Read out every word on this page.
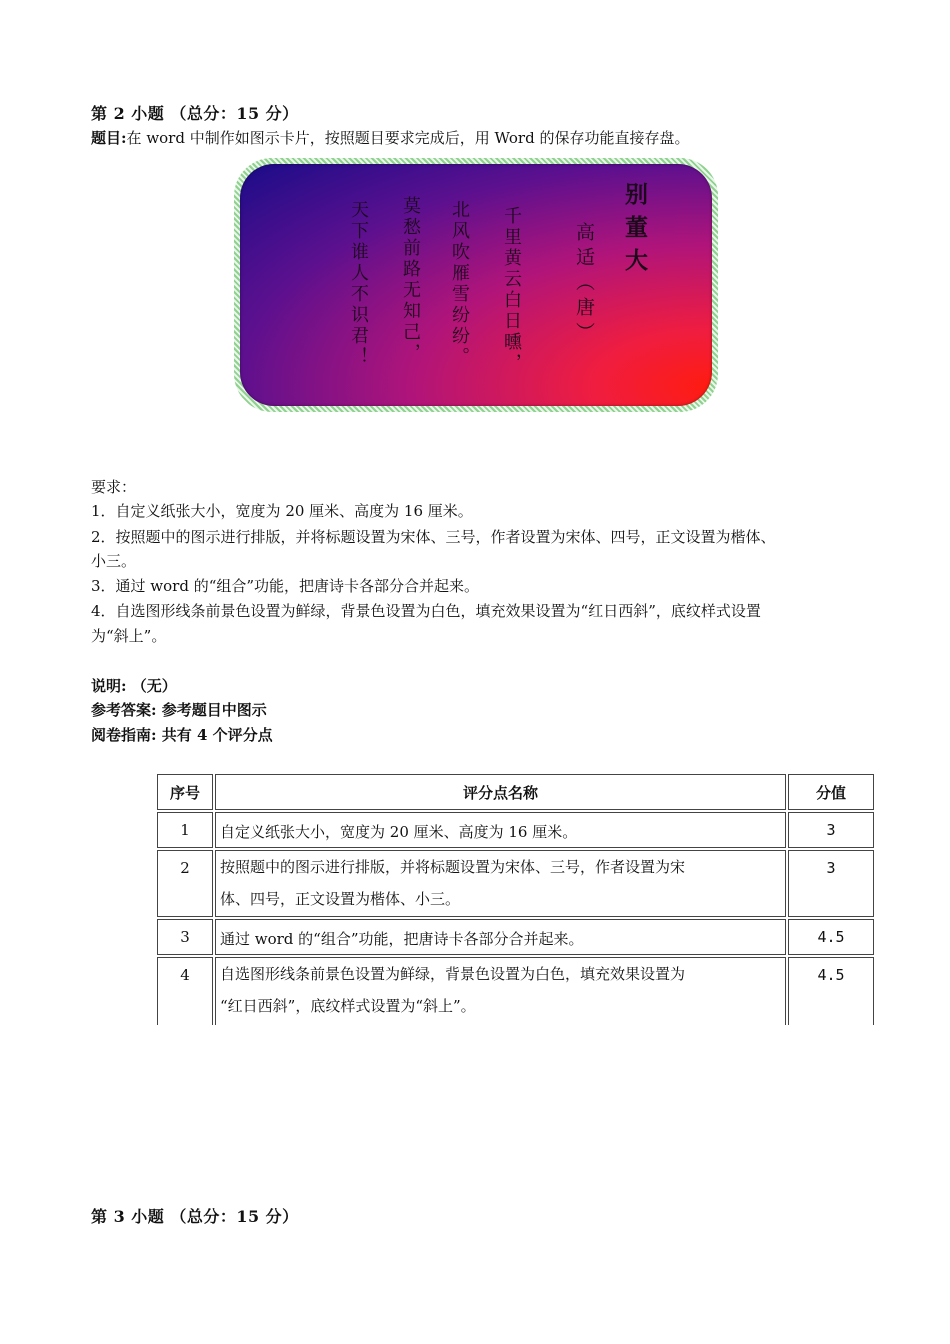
第 2 小题 （总分：15 分）
题目:在 word 中制作如图示卡片，按照题目要求完成后，用 Word 的保存功能直接存盘。
别董大
高适（唐）
千里黄云白日曛，
北风吹雁雪纷纷。
莫愁前路无知己，
天下谁人不识君！
要求：
1．自定义纸张大小，宽度为 20 厘米、高度为 16 厘米。
2．按照题中的图示进行排版，并将标题设置为宋体、三号，作者设置为宋体、四号，正文设置为楷体、
小三。
3．通过 word 的“组合”功能，把唐诗卡各部分合并起来。
4．自选图形线条前景色设置为鲜绿，背景色设置为白色，填充效果设置为“红日西斜”，底纹样式设置
为“斜上”。
说明: （无）
参考答案: 参考题目中图示
阅卷指南: 共有 4 个评分点
序号	评分点名称	分值
1	自定义纸张大小，宽度为 20 厘米、高度为 16 厘米。	3
2	按照题中的图示进行排版，并将标题设置为宋体、三号，作者设置为宋
体、四号，正文设置为楷体、小三。	3
3	通过 word 的“组合”功能，把唐诗卡各部分合并起来。	4.5
4	自选图形线条前景色设置为鲜绿，背景色设置为白色，填充效果设置为
“红日西斜”，底纹样式设置为“斜上”。	4.5
第 3 小题 （总分：15 分）
